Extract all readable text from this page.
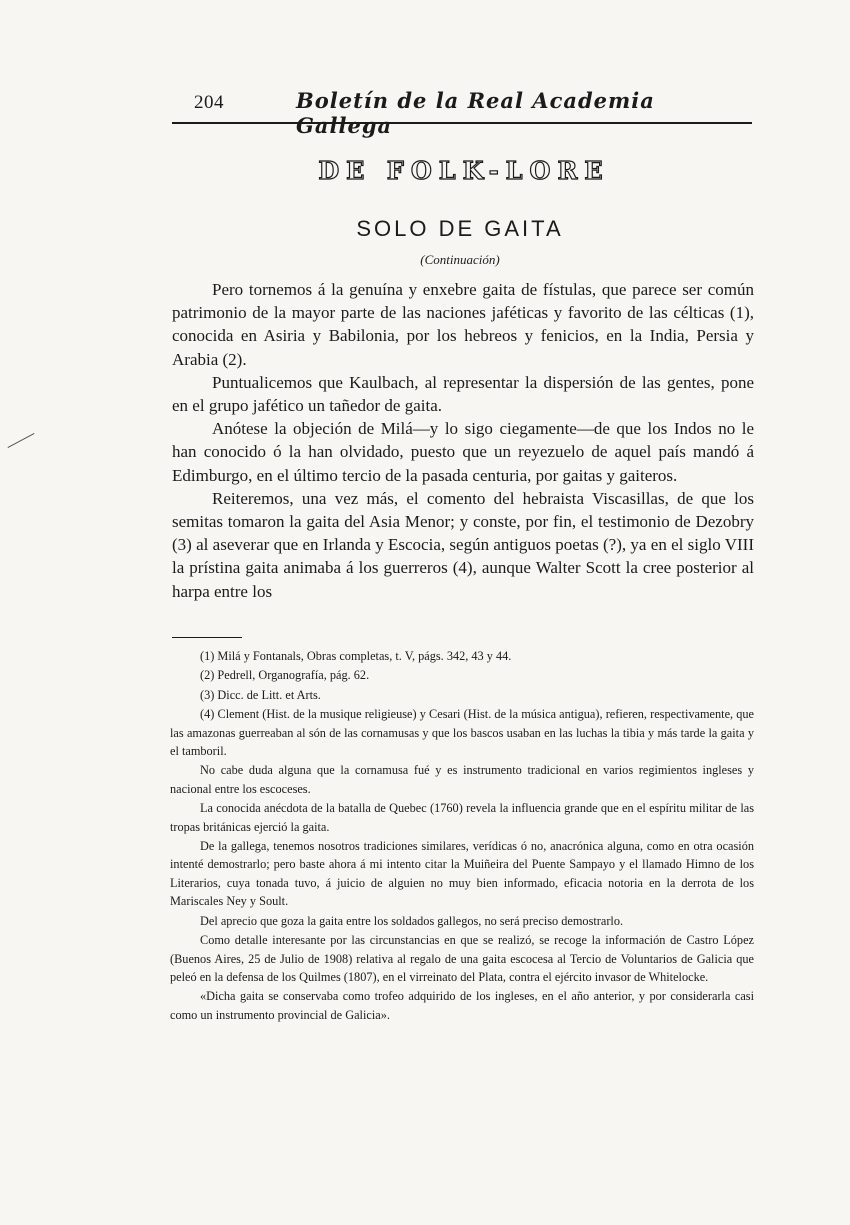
204	Boletín de la Real Academia Gallega
DE FOLK-LORE
SOLO DE GAITA
(Continuación)

Pero tornemos á la genuína y enxebre gaita de fístulas, que parece ser común patrimonio de la mayor parte de las naciones jaféticas y favorito de las célticas (1), conocida en Asiria y Babilonia, por los hebreos y fenicios, en la India, Persia y Arabia (2).

Puntualicemos que Kaulbach, al representar la dispersión de las gentes, pone en el grupo jafético un tañedor de gaita.

Anótese la objeción de Milá—y lo sigo ciegamente—de que los Indos no le han conocido ó la han olvidado, puesto que un reyezuelo de aquel país mandó á Edimburgo, en el último tercio de la pasada centuria, por gaitas y gaiteros.

Reiteremos, una vez más, el comento del hebraista Viscasillas, de que los semitas tomaron la gaita del Asia Menor; y conste, por fin, el testimonio de Dezobry (3) al aseverar que en Irlanda y Escocia, según antiguos poetas (?), ya en el siglo VIII la prístina gaita animaba á los guerreros (4), aunque Walter Scott la cree posterior al harpa entre los

(1) Milá y Fontanals, Obras completas, t. V, págs. 342, 43 y 44.

(2) Pedrell, Organografía, pág. 62.

(3) Dicc. de Litt. et Arts.

(4) Clement (Hist. de la musique religieuse) y Cesari (Hist. de la música antigua), refieren, respectivamente, que las amazonas guerreaban al són de las cornamusas y que los bascos usaban en las luchas la tibia y más tarde la gaita y el tamboril.

No cabe duda alguna que la cornamusa fué y es instrumento tradicional en varios regimientos ingleses y nacional entre los escoceses.

La conocida anécdota de la batalla de Quebec (1760) revela la influencia grande que en el espíritu militar de las tropas británicas ejerció la gaita.

De la gallega, tenemos nosotros tradiciones similares, verídicas ó no, anacrónica alguna, como en otra ocasión intenté demostrarlo; pero baste ahora á mi intento citar la Muiñeira del Puente Sampayo y el llamado Himno de los Literarios, cuya tonada tuvo, á juicio de alguien no muy bien informado, eficacia notoria en la derrota de los Mariscales Ney y Soult.

Del aprecio que goza la gaita entre los soldados gallegos, no será preciso demostrarlo.

Como detalle interesante por las circunstancias en que se realizó, se recoge la información de Castro López (Buenos Aires, 25 de Julio de 1908) relativa al regalo de una gaita escocesa al Tercio de Voluntarios de Galicia que peleó en la defensa de los Quilmes (1807), en el virreinato del Plata, contra el ejército invasor de Whitelocke.

«Dicha gaita se conservaba como trofeo adquirido de los ingleses, en el año anterior, y por considerarla casi como un instrumento provincial de Galicia».
